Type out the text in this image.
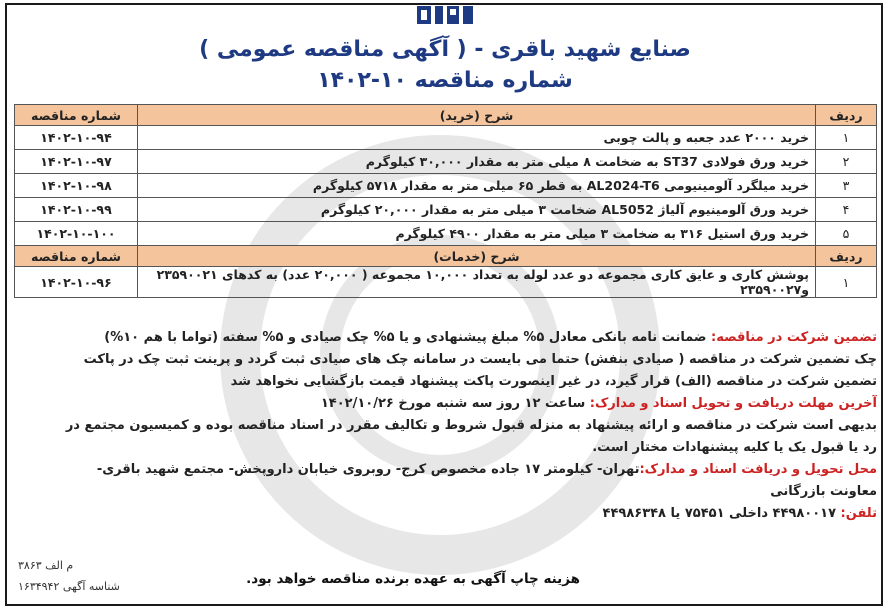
صنایع شهید باقری - ( آگهی مناقصه عمومی )
شماره مناقصه ۱۰-۱۴۰۲
ردیف	شرح (خرید)	شماره مناقصه
۱	خرید ۲۰۰۰ عدد جعبه و پالت چوبی	۱۴۰۲-۱۰-۹۴
۲	خرید ورق فولادی ST37 به ضخامت ۸ میلی متر به مقدار ۳۰,۰۰۰ کیلوگرم	۱۴۰۲-۱۰-۹۷
۳	خرید میلگرد آلومینیومی AL2024-T6 به قطر ۶۵ میلی متر به مقدار ۵۷۱۸ کیلوگرم	۱۴۰۲-۱۰-۹۸
۴	خرید ورق آلومینیوم آلیاژ AL5052 ضخامت ۳ میلی متر به مقدار ۲۰,۰۰۰ کیلوگرم	۱۴۰۲-۱۰-۹۹
۵	خرید ورق استیل ۳۱۶ به ضخامت ۳ میلی متر به مقدار ۴۹۰۰ کیلوگرم	۱۴۰۲-۱۰-۱۰۰
ردیف	شرح (خدمات)	شماره مناقصه
۱	پوشش کاری و عایق کاری مجموعه دو عدد لوله به تعداد ۱۰,۰۰۰ مجموعه ( ۲۰,۰۰۰ عدد) به کدهای ۲۳۵۹۰۰۲۱ و۲۳۵۹۰۰۲۷	۱۴۰۲-۱۰-۹۶
تضمین شرکت در مناقصه: ضمانت نامه بانکی معادل ۵% مبلغ پیشنهادی و یا ۵% چک صیادی و ۵% سفته (تواما با هم ۱۰%)
چک تضمین شرکت در مناقصه ( صیادی بنفش) حتما می بایست در سامانه چک های صیادی ثبت گردد و پرینت ثبت چک در پاکت
تضمین شرکت در مناقصه (الف) قرار گیرد، در غیر اینصورت پاکت پیشنهاد قیمت بازگشایی نخواهد شد
آخرین مهلت دریافت و تحویل اسناد و مدارک: ساعت ۱۲ روز سه شنبه مورخ ۱۴۰۲/۱۰/۲۶
بدیهی است شرکت در مناقصه و ارائه پیشنهاد به منزله قبول شروط و تکالیف مقرر در اسناد مناقصه بوده و کمیسیون مجتمع در
رد یا قبول یک یا کلیه پیشنهادات مختار است.
محل تحویل و دریافت اسناد و مدارک:تهران- کیلومتر ۱۷ جاده مخصوص کرج- روبروی خیابان داروپخش- مجتمع شهید باقری-
معاونت بازرگانی
تلفن: ۴۴۹۸۰۰۱۷ داخلی ۷۵۴۵۱ یا ۴۴۹۸۶۳۴۸
هزینه چاپ آگهی به عهده برنده مناقصه خواهد بود.
م الف ۳۸۶۳
شناسه آگهی ۱۶۳۴۹۴۲
